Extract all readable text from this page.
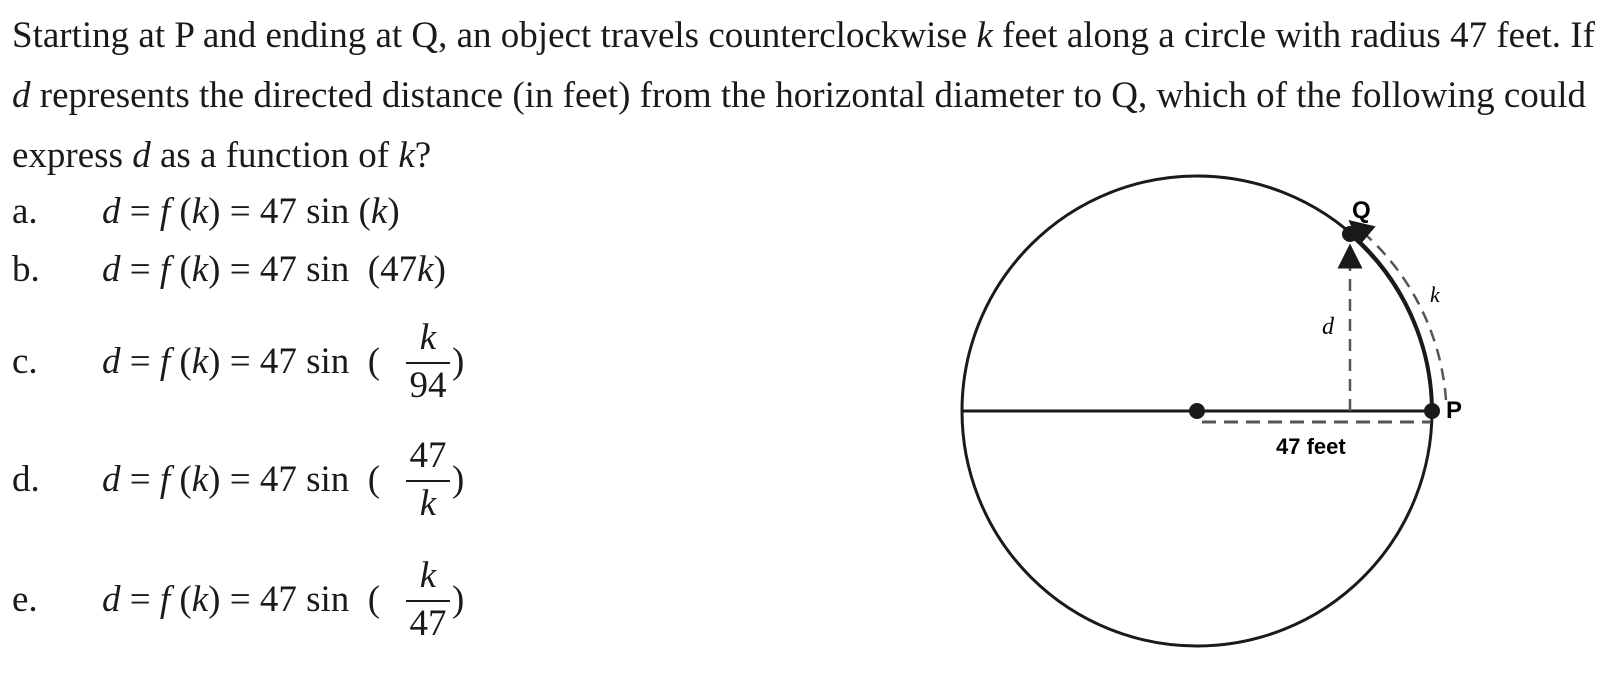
Starting at P and ending at Q, an object travels counterclockwise k feet along a circle with radius 47 feet. If d represents the directed distance (in feet) from the horizontal diameter to Q, which of the following could express d as a function of k?
a.	d = f (k) = 47 sin (k)
b.	d = f (k) = 47 sin  (47k)
c.	d = f (k) = 47 sin  (
k
94
)
d.	d = f (k) = 47 sin  (
47
k
)
e.	d = f (k) = 47 sin  (
k
47
)
Q
P
k
d
47 feet
